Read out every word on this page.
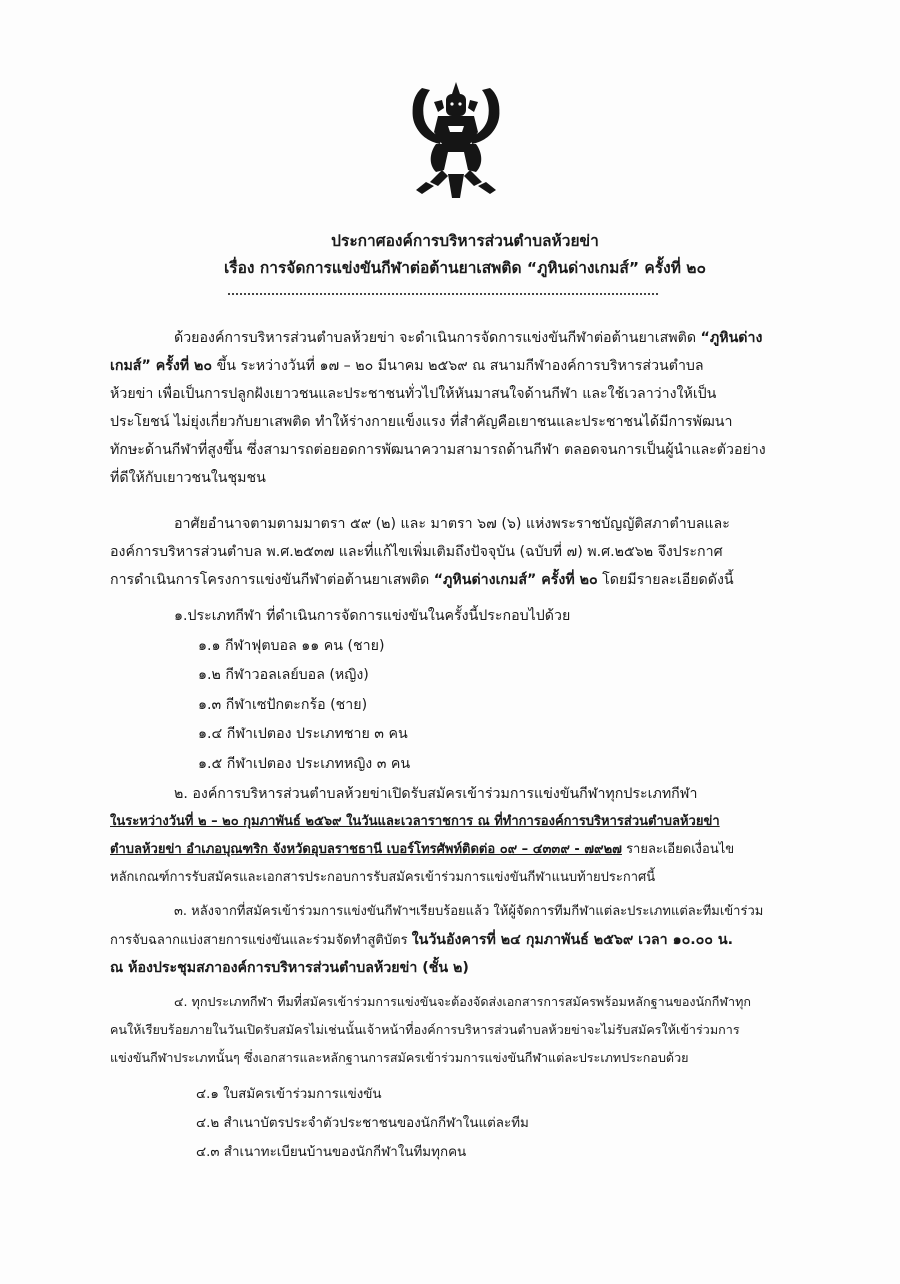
ประกาศองค์การบริหารส่วนตำบลห้วยข่า
เรื่อง การจัดการแข่งขันกีฬาต่อต้านยาเสพติด “ภูหินด่างเกมส์” ครั้งที่ ๒๐
ด้วยองค์การบริหารส่วนตำบลห้วยข่า จะดำเนินการจัดการแข่งขันกีฬาต่อต้านยาเสพติด “ภูหินด่าง
เกมส์” ครั้งที่ ๒๐ ขึ้น ระหว่างวันที่ ๑๗ – ๒๐ มีนาคม ๒๕๖๙ ณ สนามกีฬาองค์การบริหารส่วนตำบล
ห้วยข่า เพื่อเป็นการปลูกฝังเยาวชนและประชาชนทั่วไปให้หันมาสนใจด้านกีฬา และใช้เวลาว่างให้เป็น
ประโยชน์ ไม่ยุ่งเกี่ยวกับยาเสพติด ทำให้ร่างกายแข็งแรง ที่สำคัญคือเยาชนและประชาชนได้มีการพัฒนา
ทักษะด้านกีฬาที่สูงขึ้น ซึ่งสามารถต่อยอดการพัฒนาความสามารถด้านกีฬา ตลอดจนการเป็นผู้นำและตัวอย่าง
ที่ดีให้กับเยาวชนในชุมชน
อาศัยอำนาจตามตามมาตรา ๕๙ (๒) และ มาตรา ๖๗ (๖) แห่งพระราชบัญญัติสภาตำบลและ
องค์การบริหารส่วนตำบล พ.ศ.๒๕๓๗ และที่แก้ไขเพิ่มเติมถึงปัจจุบัน (ฉบับที่ ๗) พ.ศ.๒๕๖๒ จึงประกาศ
การดำเนินการโครงการแข่งขันกีฬาต่อต้านยาเสพติด “ภูหินด่างเกมส์” ครั้งที่ ๒๐ โดยมีรายละเอียดดังนี้
๑.ประเภทกีฬา ที่ดำเนินการจัดการแข่งขันในครั้งนี้ประกอบไปด้วย
๑.๑ กีฬาฟุตบอล ๑๑ คน (ชาย)
๑.๒ กีฬาวอลเลย์บอล (หญิง)
๑.๓ กีฬาเซปักตะกร้อ (ชาย)
๑.๔ กีฬาเปตอง ประเภทชาย ๓ คน
๑.๕ กีฬาเปตอง ประเภทหญิง ๓ คน
๒. องค์การบริหารส่วนตำบลห้วยข่าเปิดรับสมัครเข้าร่วมการแข่งขันกีฬาทุกประเภทกีฬา
ในระหว่างวันที่ ๒ – ๒๐ กุมภาพันธ์ ๒๕๖๙ ในวันและเวลาราชการ ณ ที่ทำการองค์การบริหารส่วนตำบลห้วยข่า
ตำบลห้วยข่า อำเภอบุณฑริก จังหวัดอุบลราชธานี เบอร์โทรศัพท์ติดต่อ ๐๙ – ๔๓๓๙ - ๗๙๒๗ รายละเอียดเงื่อนไข
หลักเกณฑ์การรับสมัครและเอกสารประกอบการรับสมัครเข้าร่วมการแข่งขันกีฬาแนบท้ายประกาศนี้
๓. หลังจากที่สมัครเข้าร่วมการแข่งขันกีฬาฯเรียบร้อยแล้ว ให้ผู้จัดการทีมกีฬาแต่ละประเภทแต่ละทีมเข้าร่วม
การจับฉลากแบ่งสายการแข่งขันและร่วมจัดทำสูติบัตร ในวันอังคารที่ ๒๔ กุมภาพันธ์ ๒๕๖๙ เวลา ๑๐.๐๐ น.
ณ ห้องประชุมสภาองค์การบริหารส่วนตำบลห้วยข่า (ชั้น ๒)
๔. ทุกประเภทกีฬา ทีมที่สมัครเข้าร่วมการแข่งขันจะต้องจัดส่งเอกสารการสมัครพร้อมหลักฐานของนักกีฬาทุก
คนให้เรียบร้อยภายในวันเปิดรับสมัครไม่เช่นนั้นเจ้าหน้าที่องค์การบริหารส่วนตำบลห้วยข่าจะไม่รับสมัครให้เข้าร่วมการ
แข่งขันกีฬาประเภทนั้นๆ ซึ่งเอกสารและหลักฐานการสมัครเข้าร่วมการแข่งขันกีฬาแต่ละประเภทประกอบด้วย
๔.๑ ใบสมัครเข้าร่วมการแข่งขัน
๔.๒ สำเนาบัตรประจำตัวประชาชนของนักกีฬาในแต่ละทีม
๔.๓ สำเนาทะเบียนบ้านของนักกีฬาในทีมทุกคน
